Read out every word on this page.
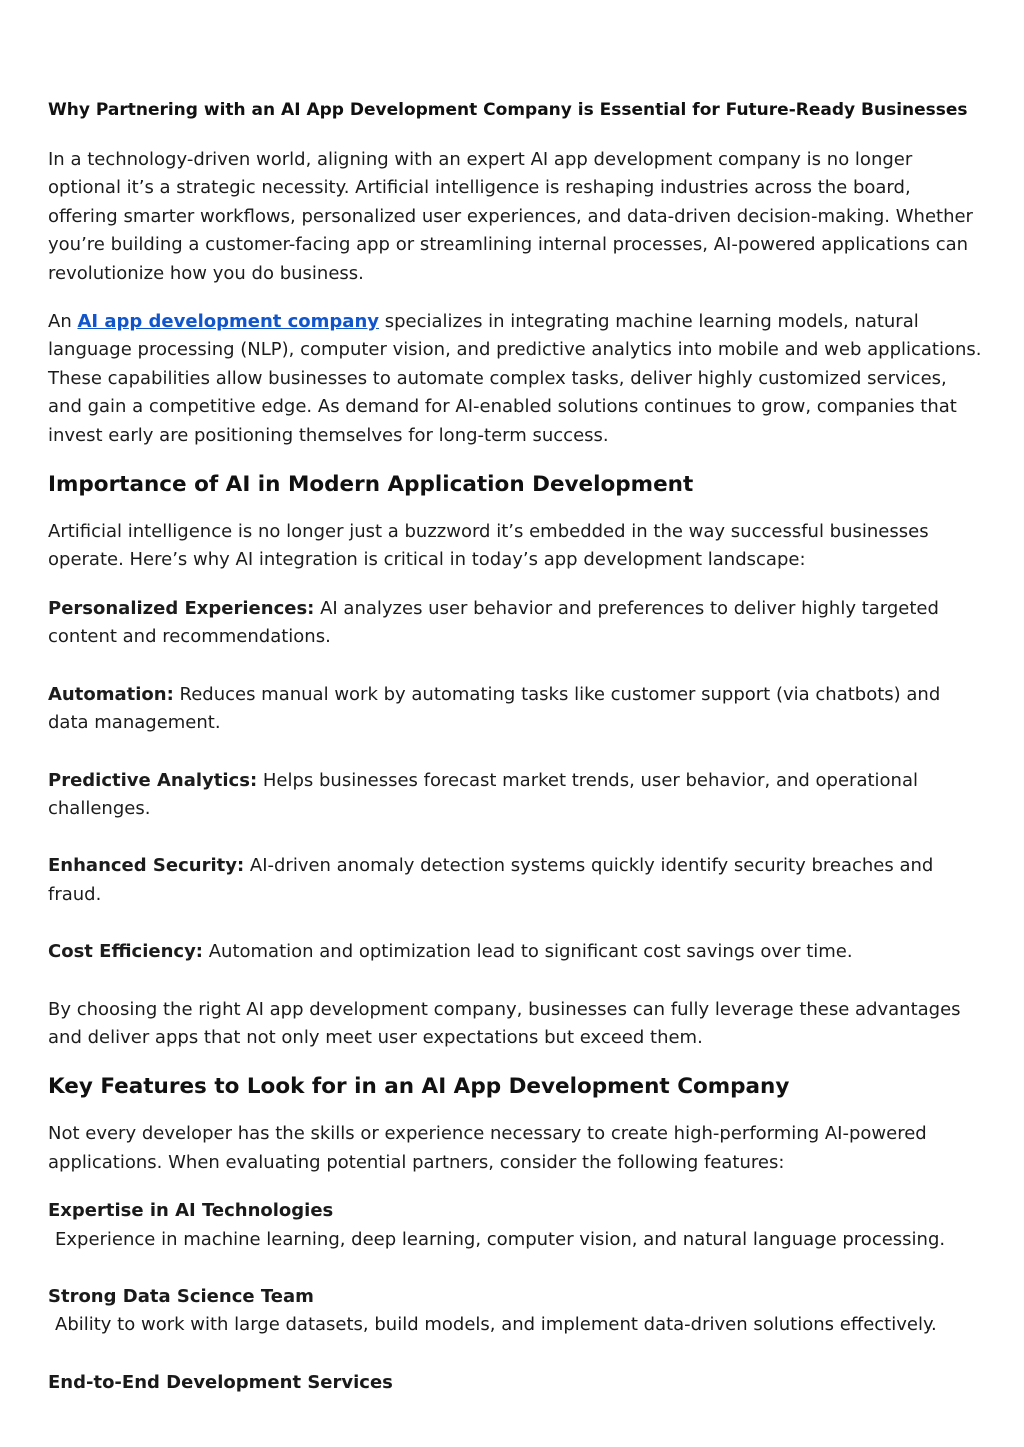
Why Partnering with an AI App Development Company is Essential for Future-Ready Businesses

In a technology-driven world, aligning with an expert AI app development company is no longer optional it’s a strategic necessity. Artificial intelligence is reshaping industries across the board, offering smarter workflows, personalized user experiences, and data-driven decision-making. Whether you’re building a customer-facing app or streamlining internal processes, AI-powered applications can revolutionize how you do business.

An AI app development company specializes in integrating machine learning models, natural language processing (NLP), computer vision, and predictive analytics into mobile and web applications. These capabilities allow businesses to automate complex tasks, deliver highly customized services, and gain a competitive edge. As demand for AI-enabled solutions continues to grow, companies that invest early are positioning themselves for long-term success.

Importance of AI in Modern Application Development

Artificial intelligence is no longer just a buzzword it’s embedded in the way successful businesses operate. Here’s why AI integration is critical in today’s app development landscape:

Personalized Experiences: AI analyzes user behavior and preferences to deliver highly targeted content and recommendations.

Automation: Reduces manual work by automating tasks like customer support (via chatbots) and data management.

Predictive Analytics: Helps businesses forecast market trends, user behavior, and operational challenges.

Enhanced Security: AI-driven anomaly detection systems quickly identify security breaches and fraud.

Cost Efficiency: Automation and optimization lead to significant cost savings over time.

By choosing the right AI app development company, businesses can fully leverage these advantages and deliver apps that not only meet user expectations but exceed them.

Key Features to Look for in an AI App Development Company

Not every developer has the skills or experience necessary to create high-performing AI-powered applications. When evaluating potential partners, consider the following features:

Expertise in AI Technologies
Experience in machine learning, deep learning, computer vision, and natural language processing.
Strong Data Science Team
Ability to work with large datasets, build models, and implement data-driven solutions effectively.
End-to-End Development Services
